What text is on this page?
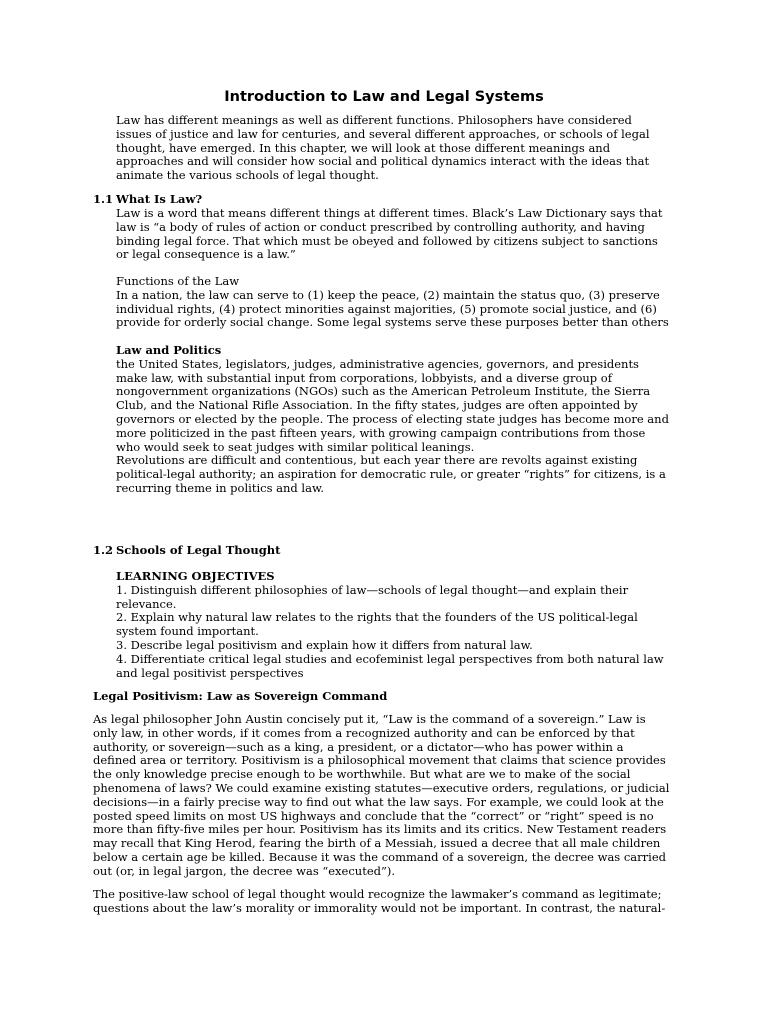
Introduction to Law and Legal Systems
Law has different meanings as well as different functions. Philosophers have considered
issues of justice and law for centuries, and several different approaches, or schools of legal
thought, have emerged. In this chapter, we will look at those different meanings and
approaches and will consider how social and political dynamics interact with the ideas that
animate the various schools of legal thought.
1.1 What Is Law?
Law is a word that means different things at different times. Black’s Law Dictionary says that
law is “a body of rules of action or conduct prescribed by controlling authority, and having
binding legal force. That which must be obeyed and followed by citizens subject to sanctions
or legal consequence is a law.”
Functions of the Law
In a nation, the law can serve to (1) keep the peace, (2) maintain the status quo, (3) preserve
individual rights, (4) protect minorities against majorities, (5) promote social justice, and (6)
provide for orderly social change. Some legal systems serve these purposes better than others
Law and Politics
the United States, legislators, judges, administrative agencies, governors, and presidents
make law, with substantial input from corporations, lobbyists, and a diverse group of
nongovernment organizations (NGOs) such as the American Petroleum Institute, the Sierra
Club, and the National Rifle Association. In the fifty states, judges are often appointed by
governors or elected by the people. The process of electing state judges has become more and
more politicized in the past fifteen years, with growing campaign contributions from those
who would seek to seat judges with similar political leanings.
Revolutions are difficult and contentious, but each year there are revolts against existing
political-legal authority; an aspiration for democratic rule, or greater “rights” for citizens, is a
recurring theme in politics and law.
1.2 Schools of Legal Thought
LEARNING OBJECTIVES
1. Distinguish different philosophies of law—schools of legal thought—and explain their
relevance.
2. Explain why natural law relates to the rights that the founders of the US political-legal
system found important.
3. Describe legal positivism and explain how it differs from natural law.
4. Differentiate critical legal studies and ecofeminist legal perspectives from both natural law
and legal positivist perspectives
Legal Positivism: Law as Sovereign Command
As legal philosopher John Austin concisely put it, “Law is the command of a sovereign.” Law is
only law, in other words, if it comes from a recognized authority and can be enforced by that
authority, or sovereign—such as a king, a president, or a dictator—who has power within a
defined area or territory. Positivism is a philosophical movement that claims that science provides
the only knowledge precise enough to be worthwhile. But what are we to make of the social
phenomena of laws? We could examine existing statutes—executive orders, regulations, or judicial
decisions—in a fairly precise way to find out what the law says. For example, we could look at the
posted speed limits on most US highways and conclude that the “correct” or “right” speed is no
more than fifty-five miles per hour. Positivism has its limits and its critics. New Testament readers
may recall that King Herod, fearing the birth of a Messiah, issued a decree that all male children
below a certain age be killed. Because it was the command of a sovereign, the decree was carried
out (or, in legal jargon, the decree was “executed”).
The positive-law school of legal thought would recognize the lawmaker’s command as legitimate;
questions about the law’s morality or immorality would not be important. In contrast, the natural-
